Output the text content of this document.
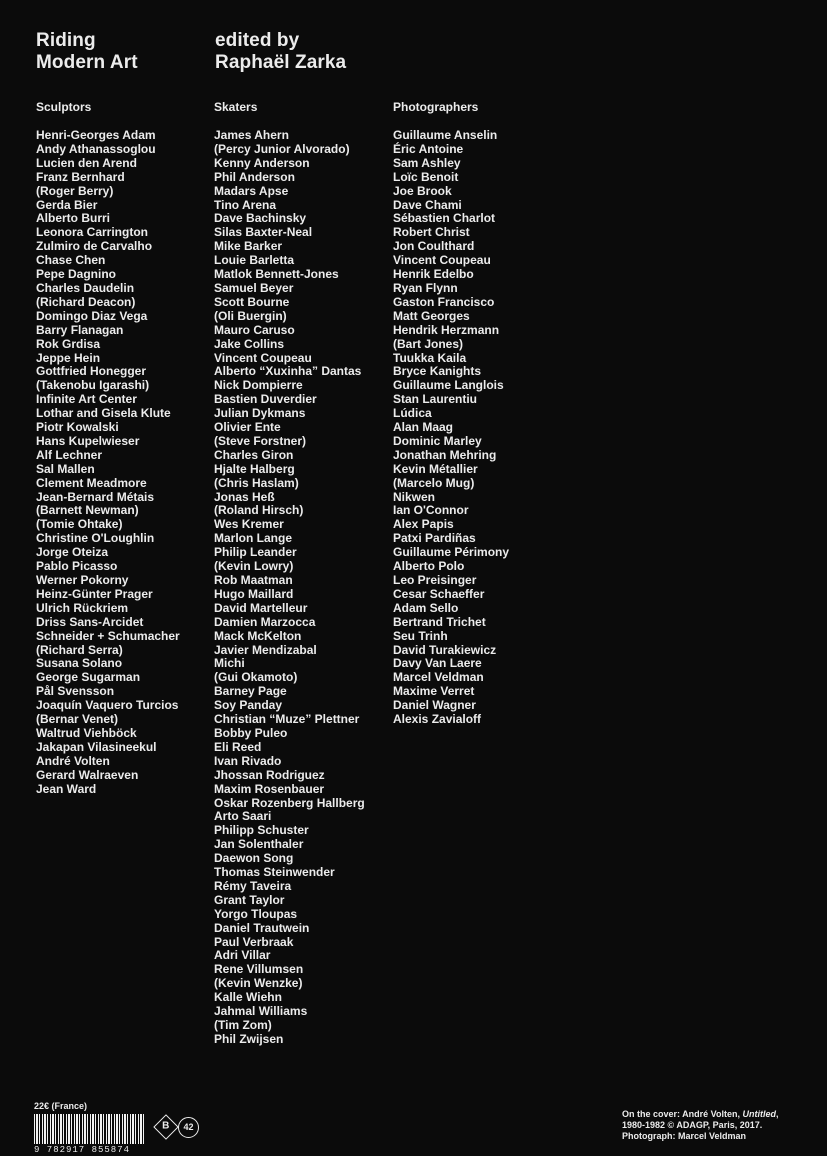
Riding
Modern Art
edited by
Raphaël Zarka
Sculptors
Henri-Georges Adam
Andy Athanassoglou
Lucien den Arend
Franz Bernhard
(Roger Berry)
Gerda Bier
Alberto Burri
Leonora Carrington
Zulmiro de Carvalho
Chase Chen
Pepe Dagnino
Charles Daudelin
(Richard Deacon)
Domingo Diaz Vega
Barry Flanagan
Rok Grdisa
Jeppe Hein
Gottfried Honegger
(Takenobu Igarashi)
Infinite Art Center
Lothar and Gisela Klute
Piotr Kowalski
Hans Kupelwieser
Alf Lechner
Sal Mallen
Clement Meadmore
Jean-Bernard Métais
(Barnett Newman)
(Tomie Ohtake)
Christine O'Loughlin
Jorge Oteiza
Pablo Picasso
Werner Pokorny
Heinz-Günter Prager
Ulrich Rückriem
Driss Sans-Arcidet
Schneider + Schumacher
(Richard Serra)
Susana Solano
George Sugarman
Pål Svensson
Joaquín Vaquero Turcios
(Bernar Venet)
Waltrud Viehböck
Jakapan Vilasineekul
André Volten
Gerard Walraeven
Jean Ward
Skaters
James Ahern
(Percy Junior Alvorado)
Kenny Anderson
Phil Anderson
Madars Apse
Tino Arena
Dave Bachinsky
Silas Baxter-Neal
Mike Barker
Louie Barletta
Matlok Bennett-Jones
Samuel Beyer
Scott Bourne
(Oli Buergin)
Mauro Caruso
Jake Collins
Vincent Coupeau
Alberto “Xuxinha” Dantas
Nick Dompierre
Bastien Duverdier
Julian Dykmans
Olivier Ente
(Steve Forstner)
Charles Giron
Hjalte Halberg
(Chris Haslam)
Jonas Heß
(Roland Hirsch)
Wes Kremer
Marlon Lange
Philip Leander
(Kevin Lowry)
Rob Maatman
Hugo Maillard
David Martelleur
Damien Marzocca
Mack McKelton
Javier Mendizabal
Michi
(Gui Okamoto)
Barney Page
Soy Panday
Christian “Muze” Plettner
Bobby Puleo
Eli Reed
Ivan Rivado
Jhossan Rodriguez
Maxim Rosenbauer
Oskar Rozenberg Hallberg
Arto Saari
Philipp Schuster
Jan Solenthaler
Daewon Song
Thomas Steinwender
Rémy Taveira
Grant Taylor
Yorgo Tloupas
Daniel Trautwein
Paul Verbraak
Adri Villar
Rene Villumsen
(Kevin Wenzke)
Kalle Wiehn
Jahmal Williams
(Tim Zom)
Phil Zwijsen
Photographers
Guillaume Anselin
Éric Antoine
Sam Ashley
Loïc Benoit
Joe Brook
Dave Chami
Sébastien Charlot
Robert Christ
Jon Coulthard
Vincent Coupeau
Henrik Edelbo
Ryan Flynn
Gaston Francisco
Matt Georges
Hendrik Herzmann
(Bart Jones)
Tuukka Kaila
Bryce Kanights
Guillaume Langlois
Stan Laurentiu
Lúdica
Alan Maag
Dominic Marley
Jonathan Mehring
Kevin Métallier
(Marcelo Mug)
Nikwen
Ian O'Connor
Alex Papis
Patxi Pardiñas
Guillaume Périmony
Alberto Polo
Leo Preisinger
Cesar Schaeffer
Adam Sello
Bertrand Trichet
Seu Trinh
David Turakiewicz
Davy Van Laere
Marcel Veldman
Maxime Verret
Daniel Wagner
Alexis Zavialoff
22€ (France)
9 782917 855874
B 42

On the cover: André Volten, Untitled,

1980-1982 © ADAGP, Paris, 2017.

Photograph: Marcel Veldman
